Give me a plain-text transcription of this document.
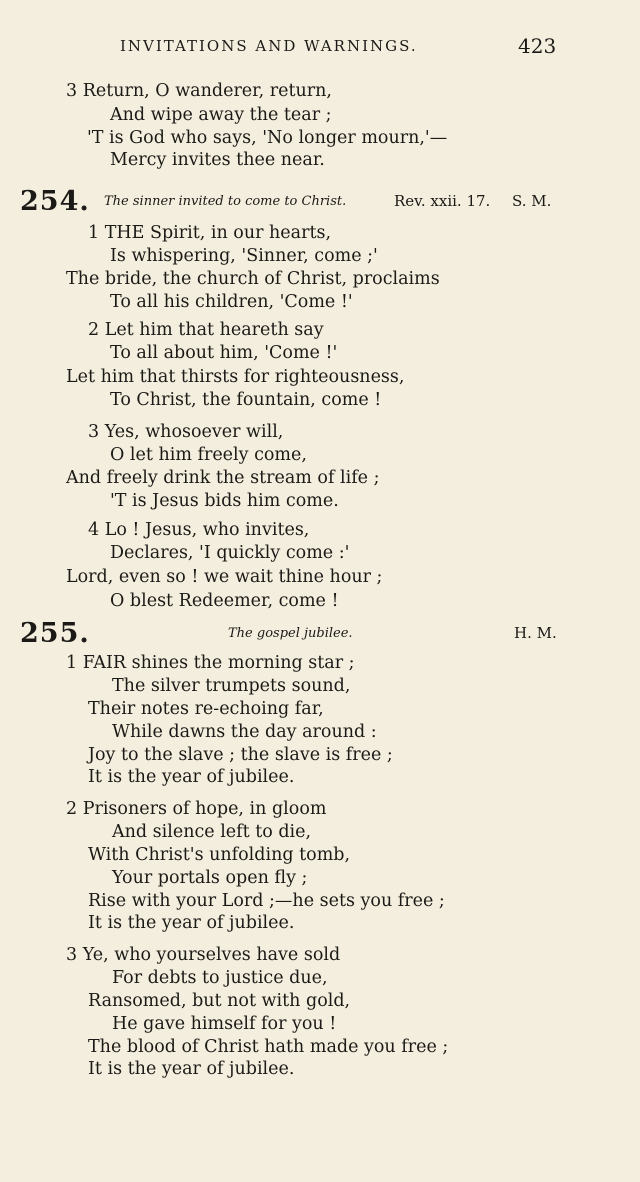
INVITATIONS AND WARNINGS.	423
3 Return, O wanderer, return,
And wipe away the tear ;
'T is God who says, 'No longer mourn,'—
Mercy invites thee near.
254. The sinner invited to come to Christ.	Rev. xxii. 17. S. M.
1 THE Spirit, in our hearts,
Is whispering, 'Sinner, come ;'
The bride, the church of Christ, proclaims
To all his children, 'Come !'
2 Let him that heareth say
To all about him, 'Come !'
Let him that thirsts for righteousness,
To Christ, the fountain, come !
3 Yes, whosoever will,
O let him freely come,
And freely drink the stream of life ;
'T is Jesus bids him come.
4 Lo ! Jesus, who invites,
Declares, 'I quickly come :'
Lord, even so ! we wait thine hour ;
O blest Redeemer, come !
255.	The gospel jubilee.	H. M.
1 FAIR shines the morning star ;
The silver trumpets sound,
Their notes re-echoing far,
While dawns the day around :
Joy to the slave ; the slave is free ;
It is the year of jubilee.
2 Prisoners of hope, in gloom
And silence left to die,
With Christ's unfolding tomb,
Your portals open fly ;
Rise with your Lord ;—he sets you free ;
It is the year of jubilee.
3 Ye, who yourselves have sold
For debts to justice due,
Ransomed, but not with gold,
He gave himself for you !
The blood of Christ hath made you free ;
It is the year of jubilee.
